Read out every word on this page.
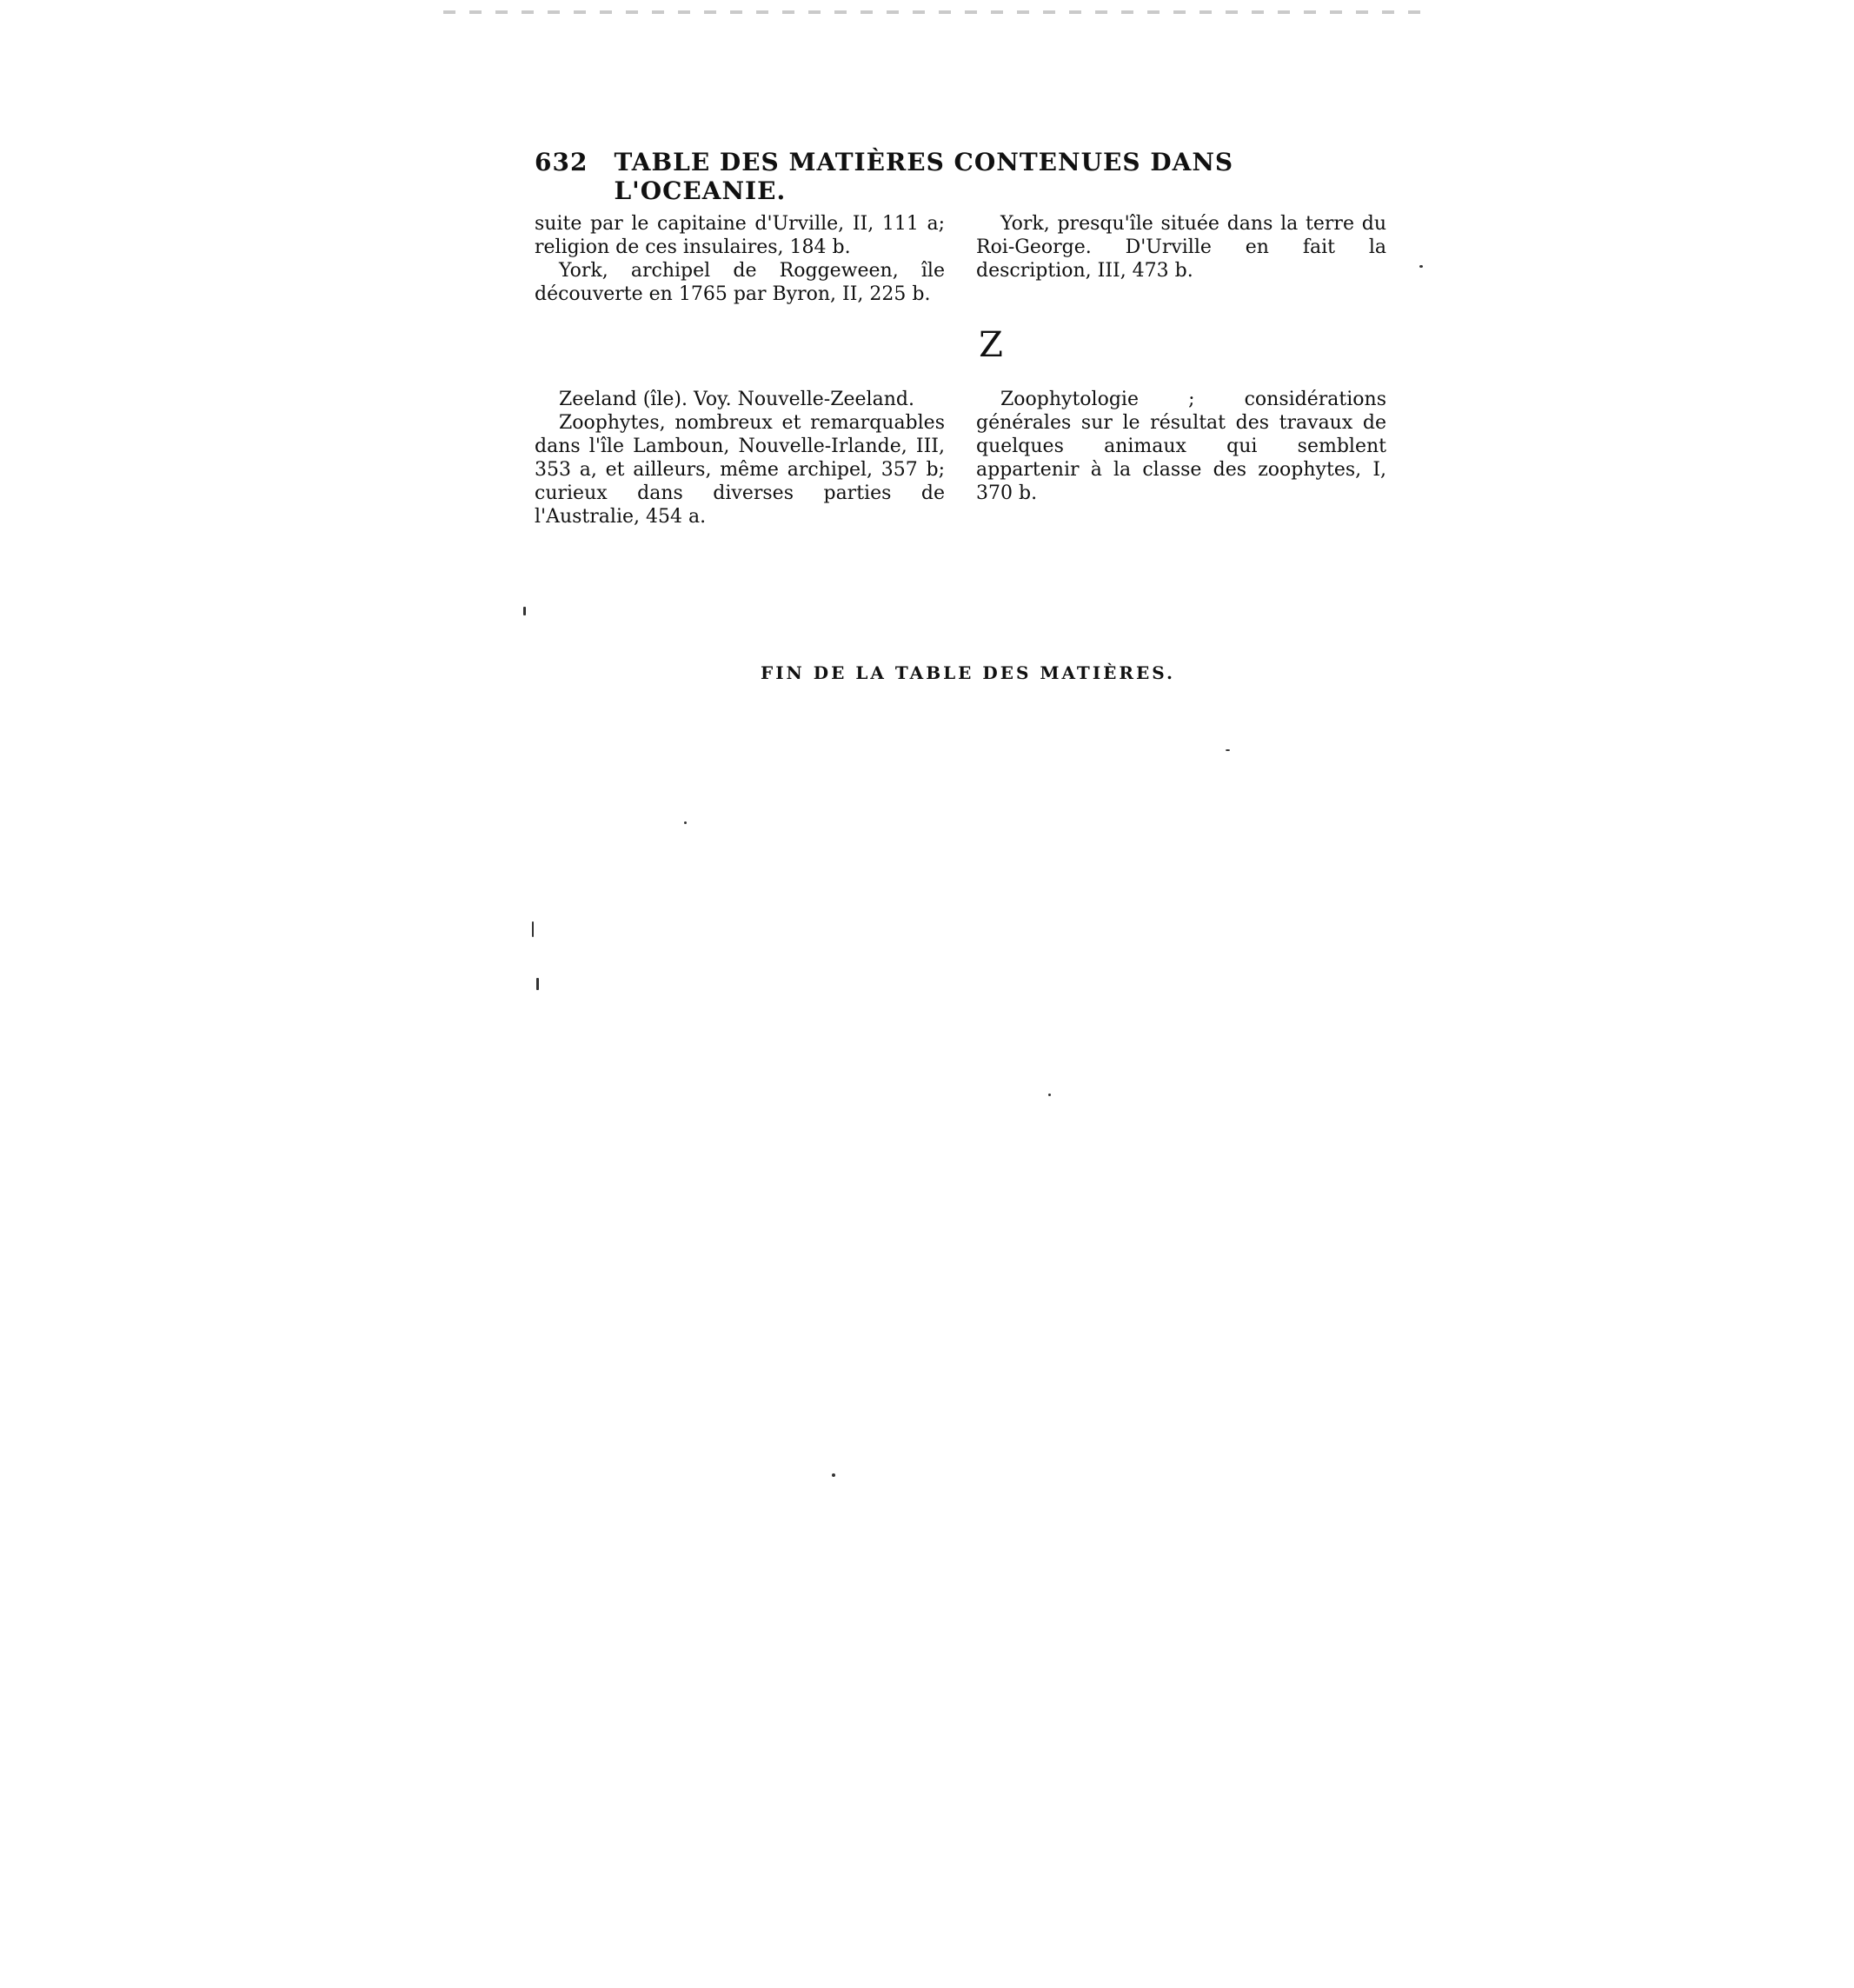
632 TABLE DES MATIÈRES CONTENUES DANS L'OCEANIE.

suite par le capitaine d'Urville, II, 111 a; religion de ces insulaires, 184 b.

York, archipel de Roggeween, île découverte en 1765 par Byron, II, 225 b.

York, presqu'île située dans la terre du Roi-George. D'Urville en fait la description, III, 473 b.

Z

Zeeland (île). Voy. Nouvelle-Zeeland.

Zoophytes, nombreux et remarquables dans l'île Lamboun, Nouvelle-Irlande, III, 353 a, et ailleurs, même archipel, 357 b; curieux dans diverses parties de l'Australie, 454 a.

Zoophytologie ; considérations générales sur le résultat des travaux de quelques animaux qui semblent appartenir à la classe des zoophytes, I, 370 b.

FIN DE LA TABLE DES MATIÈRES.
